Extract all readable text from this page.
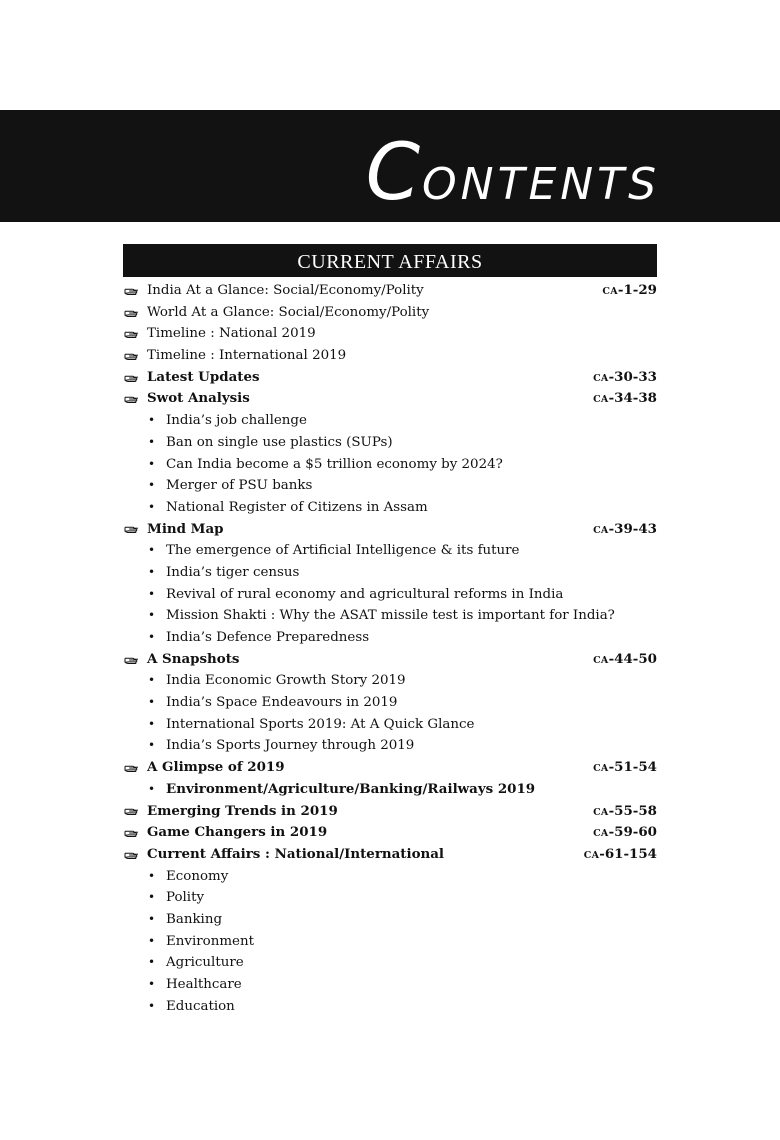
CONTENTS
CURRENT AFFAIRS
India At a Glance: Social/Economy/Polity	CA-1-29
World At a Glance: Social/Economy/Polity
Timeline : National 2019
Timeline : International 2019
Latest Updates	CA-30-33
Swot Analysis	CA-34-38
• India’s job challenge
• Ban on single use plastics (SUPs)
• Can India become a $5 trillion economy by 2024?
• Merger of PSU banks
• National Register of Citizens in Assam
Mind Map	CA-39-43
• The emergence of Artificial Intelligence & its future
• India’s tiger census
• Revival of rural economy and agricultural reforms in India
• Mission Shakti : Why the ASAT missile test is important for India?
• India’s Defence Preparedness
A Snapshots	CA-44-50
• India Economic Growth Story 2019
• India’s Space Endeavours in 2019
• International Sports 2019: At A Quick Glance
• India’s Sports Journey through 2019
A Glimpse of 2019	CA-51-54
• Environment/Agriculture/Banking/Railways 2019
Emerging Trends in 2019	CA-55-58
Game Changers in 2019	CA-59-60
Current Affairs : National/International	CA-61-154
• Economy
• Polity
• Banking
• Environment
• Agriculture
• Healthcare
• Education
